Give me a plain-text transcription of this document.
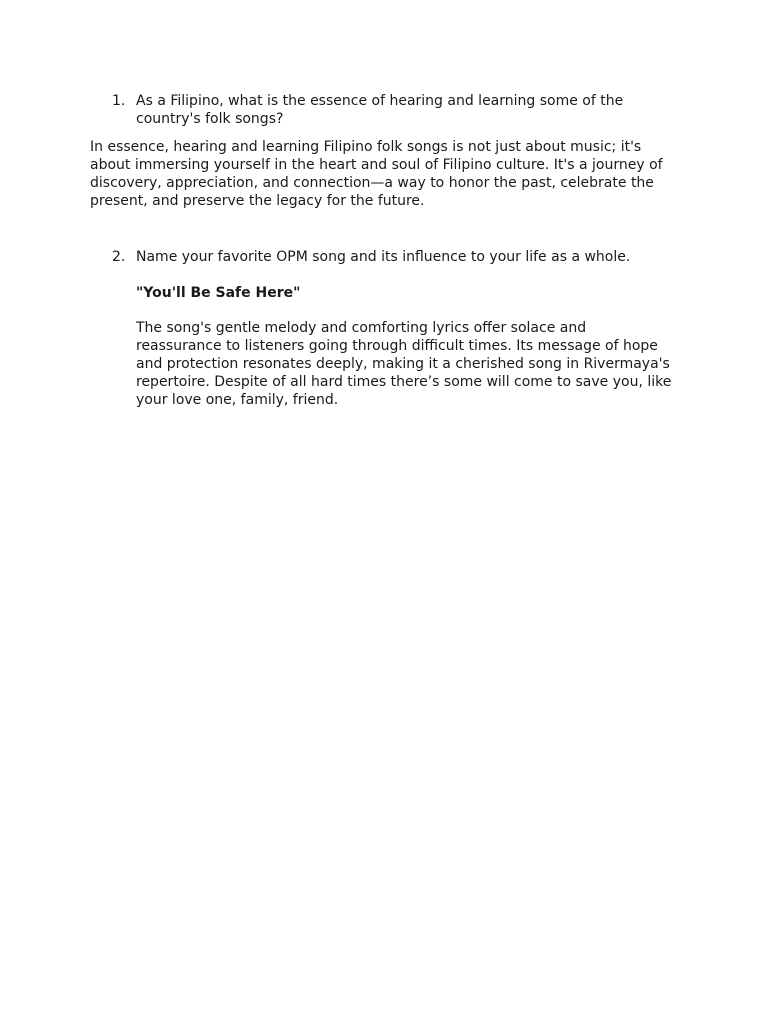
1. As a Filipino, what is the essence of hearing and learning some of the country's folk songs?
In essence, hearing and learning Filipino folk songs is not just about music; it's about immersing yourself in the heart and soul of Filipino culture. It's a journey of discovery, appreciation, and connection—a way to honor the past, celebrate the present, and preserve the legacy for the future.
2. Name your favorite OPM song and its influence to your life as a whole.
"You'll Be Safe Here"
The song's gentle melody and comforting lyrics offer solace and reassurance to listeners going through difficult times. Its message of hope and protection resonates deeply, making it a cherished song in Rivermaya's repertoire. Despite of all hard times there’s some will come to save you, like your love one, family, friend.
